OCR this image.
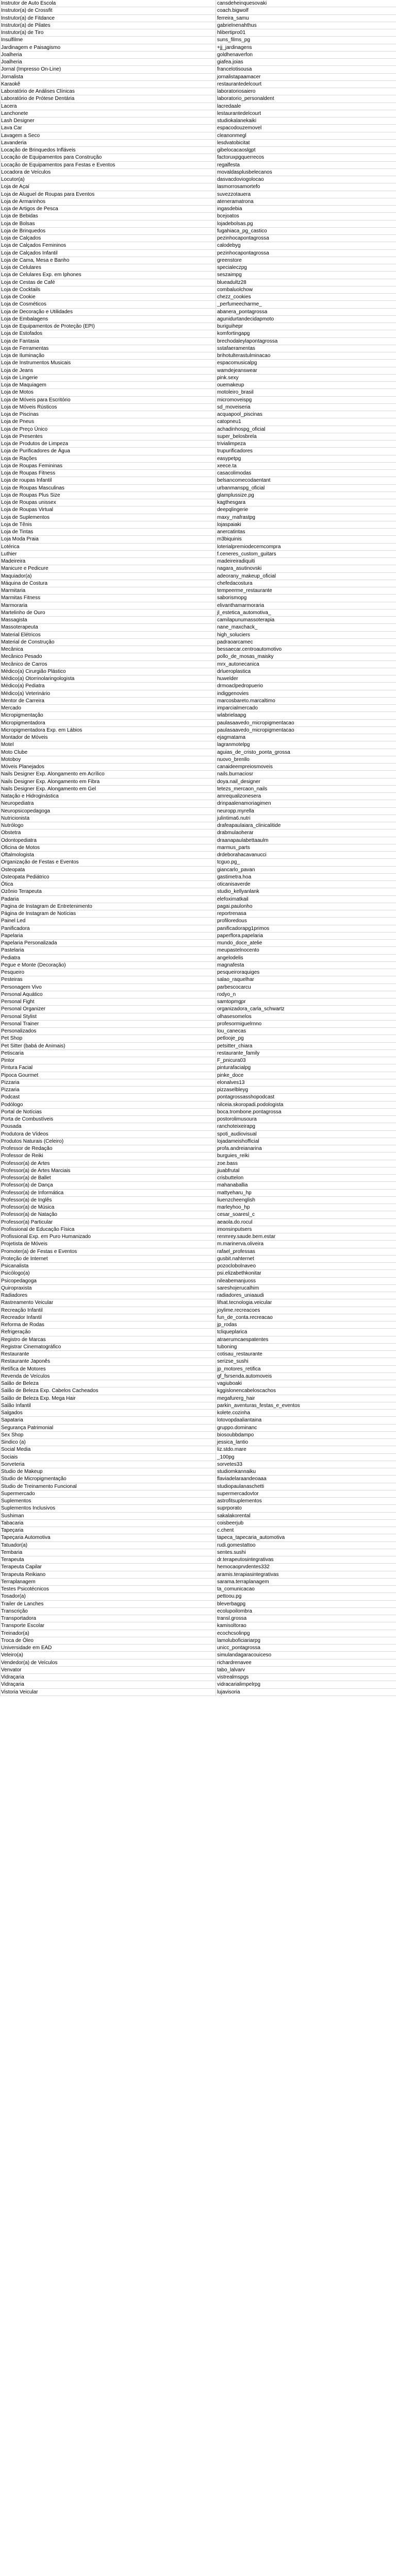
Instrutor de Auto Escola	cansdeheinquesovaki
Instrutor(a) de Crossfit	coach.bigwolf
Instrutor(a) de Fitdance	ferreira_samu
Instrutor(a) de Pilates	gabrielnenahthus
Instrutor(a) de Tiro	hlibertipro01
Insulfilme	suns_films_pg
Jardinagem e Paisagismo	+jj_jardinagens
Joalheria	goldhenaverfon
Joalheria	giafea.joias
Jornal (Impresso On-Line)	francelotisousa
Jornalista	jornalistapaamacer
Karaokê	restaurantedelcourt
Laboratório de Análises Clínicas	laboratoriosaiero
Laboratório de Prótese Dentária	laboratorio_personaldent
Lacera	lacredaale
Lanchonete	lestaurantedelcourt
Lash Designer	studiokalanekaiki
Lava Car	espacodouzemovel
Lavagem a Seco	cleanonmegl
Lavanderia	lesdvatobicitat
Locação de Brinquedos Infláveis	gibelocacaoslgpt
Locação de Equipamentos para Construção	factoruxpgquerrecos
Locação de Equipamentos para Festas e Eventos	regalfesta
Locadora de Veículos	movaldasplusbelecanos
Locutor(a)	dasvacdoviogolocao
Loja de Açaí	lasmorrosamortefo
Loja de Aluguel de Roupas para Eventos	suvezzotauera
Loja de Armarinhos	ateneramatrona
Loja de Artigos de Pesca	ingasdebia
Loja de Bebidas	bcejoatos
Loja de Bolsas	lojadebolsas.pg
Loja de Brinquedos	fugahiaca_pg_castico
Loja de Calçados	pezinhocapontagrossa
Loja de Calçados Femininos	calodebyg
Loja de Calçados Infantil	pezinhocapontagrossa
Loja de Cama, Mesa e Banho	greenstore
Loja de Celulares	specialeczpg
Loja de Celulares Exp. em Iphones	seszaimpg
Loja de Cestas de Café	blueadultz28
Loja de Cocktails	combaluolchow
Loja de Cookie	chezz_cookies
Loja de Cosméticos	_perfumeecharme_
Loja de Decoração e Utilidades	abanera_pontagrossa
Loja de Embalagens	agunidurtandecidapmoto
Loja de Equipamentos de Proteção (EPI)	buriguihepr
Loja de Estofados	komfortingapg
Loja de Fantasia	brechodaleylapontagrossa
Loja de Ferramentas	sstafaeramentas
Loja de Iluminação	brihotulterastulminacao
Loja de Instrumentos Musicais	espacomusicalpg
Loja de Jeans	wamdejeanswear
Loja de Lingerie	pink.sexy
Loja de Maquiagem	ouemakeup
Loja de Motos	motoleiro_brasil
Loja de Móveis para Escritório	micromoveispg
Loja de Móveis Rústicos	sd_moveiseria
Loja de Piscinas	acquapool_piscinas
Loja de Pneus	catopneu1
Loja de Preço Único	achadinhospg_oficial
Loja de Presentes	super_belosbrela
Loja de Produtos de Limpeza	trivialimpeza
Loja de Purificadores de Água	trupurificadores
Loja de Rações	easypetpg
Loja de Roupas Femininas	xeece.ta
Loja de Roupas Fitness	casacolimodas
Loja de roupas Infantil	belsancomecodaentant
Loja de Roupas Masculinas	urbanmanspg_oficial
Loja de Roupas Plus Size	glamplussize.pg
Loja de Roupas unissex	kagthesgara
Loja de Roupas Virtual	deepqlingerie
Loja de Suplementos	maxy_mafrastpg
Loja de Tênis	lojaspaiaki
Loja de Tintas	anercatintas
Loja Moda Praia	m3biquinis
Lotérica	loterialpremiodecemcompra
Luthier	f.ceneres_custom_guitars
Madeireira	madeireiradiquiti
Manicure e Pedicure	nagara_asutinovski
Maquiador(a)	adeorany_makeup_oficial
Máquina de Costura	chefedacostura
Marmitaria	tempeerme_restaurante
Marmitas Fitness	saborismopg
Marmoraria	elivanthamarmoraria
Martelinho de Ouro	jl_estetica_automotiva_
Massagista	camilapunumassoterapia
Massoterapeuta	nane_maxchack_
Material Elétricos	high_soluciers
Material de Construção	padraoarcamec
Mecânica	bessaecar.centroautomotivo
Mecânico Pesado	pollo_de_mosas_maisky
Mecânico de Carros	mrx_autonecanica
Médico(a) Cirurgião Plástico	drlueroplastica
Médico(a) Otorrinolaringologista	huwelder
Médico(a) Pediatra	drmoaclpedropuerio
Médico(a) Veterinário	indiggenovies
Mentor de Carreira	marcosbareto.marcaltimo
Mercado	imparcialmercado
Micropigmentação	wlabrielaapg
Micropigmentadora	paulasaavedo_micropigmentacao
Micropigmentadora Exp. em Lábios	paulasaavedo_micropigmentacao
Montador de Móveis	ejagmatama
Motel	lagranmotelpg
Moto Clube	aguias_de_cristo_ponta_grossa
Motoboy	nuovo_brenllo
Móveis Planejados	canaideempreiosmoveis
Nails Designer Exp. Alongamento em Acrílico	nails.burnaciosr
Nails Designer Exp. Alongamento em Fibra	doya.nail_designer
Nails Designer Exp. Alongamento em Gel	tetezs_mercaon_nails
Natação e Hidroginástica	amrequalizonesera
Neuropediatra	drinpaalenamoriagimen
Neuropsicopedagoga	neuropp.myrella
Nutricionista	julintima6.nutri
Nutrólogo	drafeapaulaiara_clinicalitide
Obstetra	drabmulaoherar
Odontopediatra	draanapaulabettaaulm
Oficina de Motos	marmus_parts
Oftalmologista	drdeborahacavanucci
Organização de Festas e Eventos	tcguo.pg_
Osteopata	giancarlo_pavan
Osteopata Pediátrico	gastimetra.hoa
Ótica	oticanisaverde
Ozônio Terapeuta	studio_kellyanlank
Padaria	elefoximatkail
Pagina de Instagram de Entretenimento	pagai.paulonho
Página de Instagram de Notícias	reportrenasa
Painel Led	profiloredous
Panificadora	panificadorapg1primos
Papelaria	paperflora.papelaria
Papelaria Personalizada	mundo_doce_atelie
Pastelaria	meupastelnocento
Pediatra	angelodelis
Pegue e Monte (Decoração)	magnafesta
Pesqueiro	pesqueiroraquiges
Pesteiras	salao_raquelhar
Personagem Vivo	parbescocarcu
Personal Aquático	rodyo_n
Personal Fight	samtopmgpr
Personal Organizer	organizadora_carla_schwartz
Personal Stylist	olhasesomelos
Personal Trainer	profesormiguelrnno
Personalizados	lou_canecas
Pet Shop	petlooje_pg
Pet Sitter (babá de Animais)	petsitter_chiara
Petiscaria	restaurante_family
Pintor	F_pnicura03
Pintura Facial	pinturafacialpg
Pipoca Gourmet	pinke_doce
Pizzaria	elonalves13
Pizzaria	pizzaselbleyg
Podcast	pontagrossasshopodcast
Podólogo	nilceia.skoropadi.podologista
Portal de Notícias	boca.trombone.pontagrossa
Porta de Combustíveis	postorolimusoura
Pousada	ranchoteixeirapg
Produtora de Vídeos	spoti_audiovisual
Produtos Naturais (Celeiro)	lojadameishofficial
Professor de Redação	profa.andreianarina
Professor de Reiki	burguies_reiki
Professor(a) de Artes	zoe.bass
Professor(a) de Artes Marciais	jiuabfrutal
Professor(a) de Ballet	crisbuttelon
Professor(a) de Dança	mahanaballia
Professor(a) de Informática	mattyeharu_hp
Professor(a) de Inglês	liuenzcheenglish
Professor(a) de Música	marleyhoo_hp
Professor(a) de Natação	cesar_soaresl_c
Professor(a) Particular	aeaola.do.rocul
Profissional de Educação Física	imonsinputsers
Profissional Exp. em Puro Humanizado	renmrey.saude.bem.estar
Projetista de Móveis	m.marinerva.oliveira
Promoter(a) de Festas e Eventos	rafael_professas
Proteção de Internet	gusbit.nahternet
Psicanalista	pozoclobolnaveo
Psicólogo(a)	psi.elizabethkonitar
Psicopedagoga	nileabemanjuoss
Quiropraxista	sareshojerucalhim
Radiadores	radiadores_uniaaudi
Rastreamento Veicular	lifsat.tecnologia.veicular
Recreação Infantil	joylime.recreacoes
Recreador Infantil	fun_de_conta.recreacao
Reforma de Rodas	jp_rodas
Refrigeração	tcliqueplarica
Registro de Marcas	atraerumcaespatentes
Registrar Cinematográfico	tuboning
Restaurante	cotisau_restaurante
Restaurante Japonês	serizse_sushi
Retífica de Motores	jp_motores_retifica
Revenda de Veículos	gf_fsrsenda.automoveis
Salão de Beleza	vagiuboaki
Salão de Beleza Exp. Cabelos Cacheados	kggislonencabeloscachos
Salão de Beleza Exp. Mega Hair	megafurerg_hair
Salão Infantil	parkin_aventuras_festas_e_eventos
Salgados	kolete.cozinha
Sapataria	lotovopdaaliantaina
Segurança Patrimonial	gruppo.dominanc
Sex Shop	biosoubbdampo
Sindico (a)	jessica_lantio
Social Media	liz.stdo.mare
Sociais	_100pg
Sorveteria	sorvetes33
Studio de Makeup	studiomkannaiku
Studio de Micropigmentação	flaviadelaraandeoaaa
Studio de Treinamento Funcional	studiopaulanaschetti
Supermercado	supermercadovtor
Suplementos	astrofitsuplementos
Suplementos Inclusivos	suprporato
Sushiman	sakalakorental
Tabacaria	coisbeerjub
Tapeçaria	c.chent
Tapeçaria Automotiva	tapeca_tapecaria_automotiva
Tatuador(a)	rudi.gomestattoo
Tembaria	sentes.sushi
Terapeuta	dr.terapeutosintegrativas
Terapeuta Capilar	hemocaoprvdentes332
Terapeuta Reikiano	aramis.terapiasintegrativas
Terraplanagem	sarama.terraplanagem
Testes Psicotécnicos	ta_comunicacao
Tosador(a)	pettoou.pg
Trailer de Lanches	bleverbagpg
Transcrição	ecolupoilombra
Transportadora	transl.grossa
Transporte Escolar	kamisoltorao
Treinador(a)	ecochcsolinpg
Troca de Óleo	lamoluboficiariarpg
Universidade em EAD	unicc_pontagrossa
Veleiro(a)	simulandagaracouiceso
Vendedor(a) de Veículos	richardrenavee
Venvator	tabo_lalvarv
Vidraçaria	vistrealmspgs
Vidraçaria	vidracarialimpelrpg
Vistoria Veicular	lujavisoria
